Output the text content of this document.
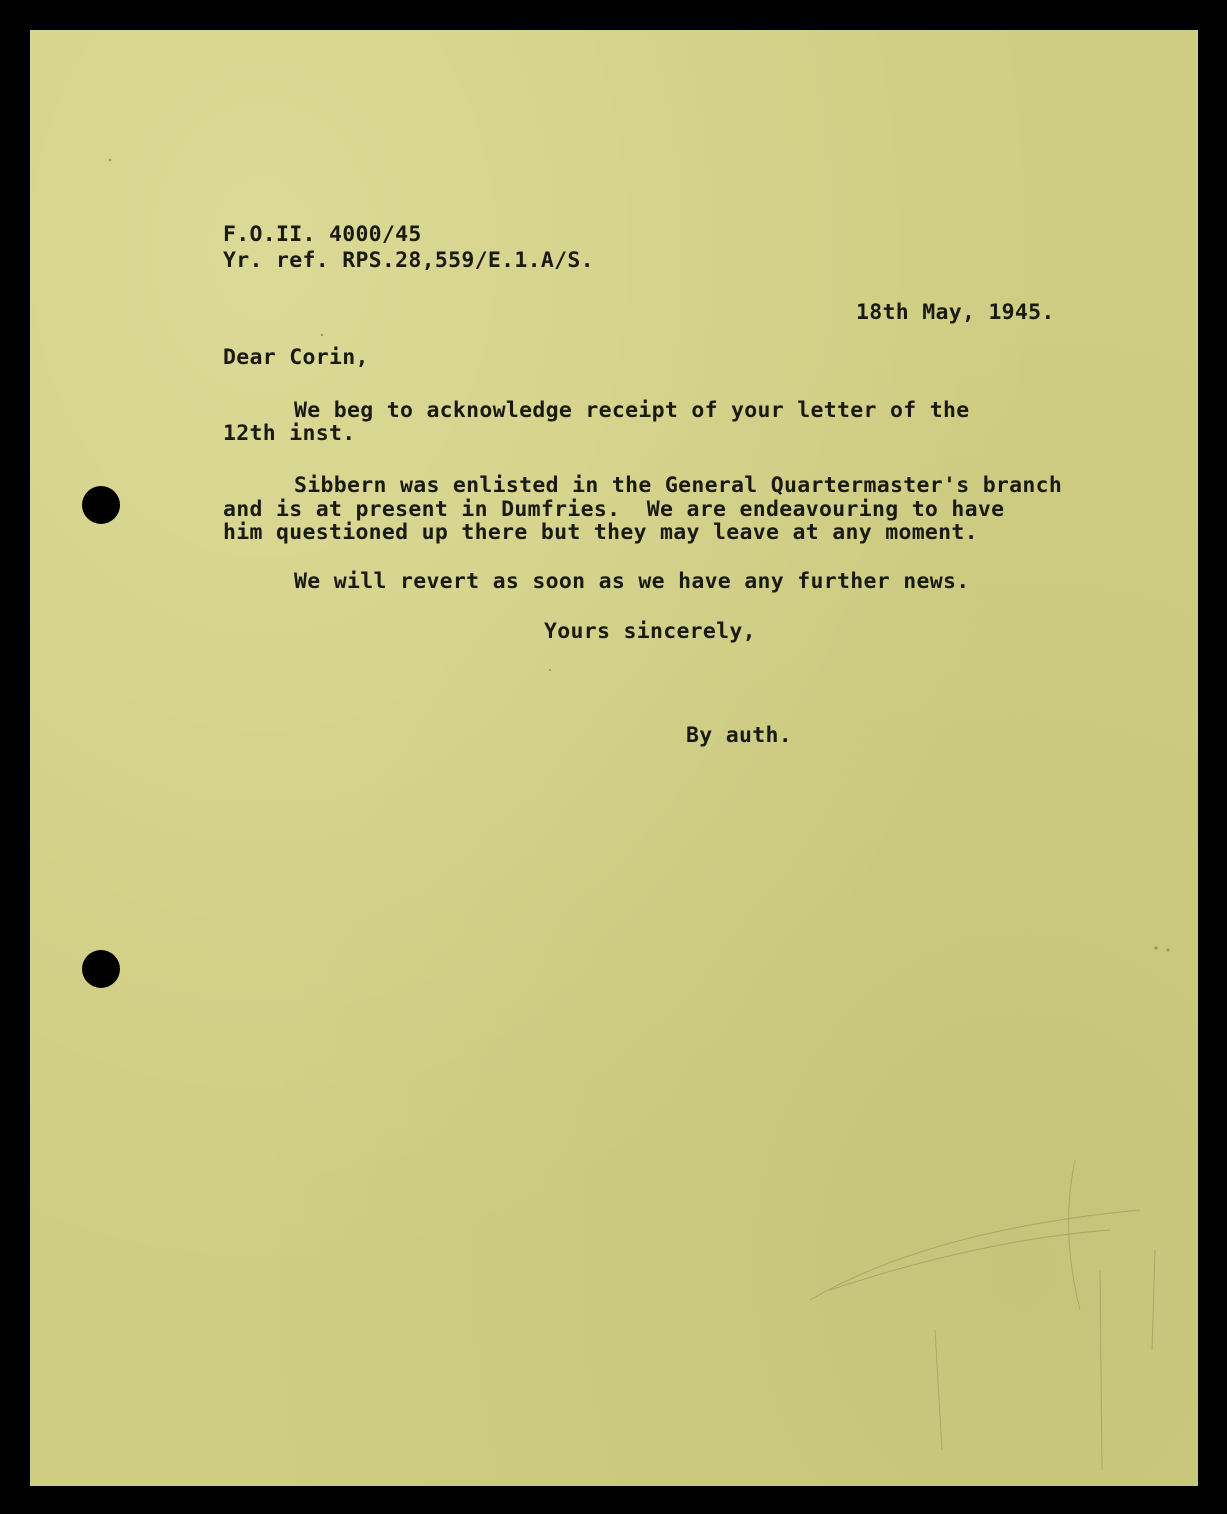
F.O.II. 4000/45
Yr. ref. RPS.28,559/E.1.A/S.
18th May, 1945.
Dear Corin,
We beg to acknowledge receipt of your letter of the
12th inst.
Sibbern was enlisted in the General Quartermaster's branch
and is at present in Dumfries.  We are endeavouring to have
him questioned up there but they may leave at any moment.
We will revert as soon as we have any further news.
Yours sincerely,
By auth.
